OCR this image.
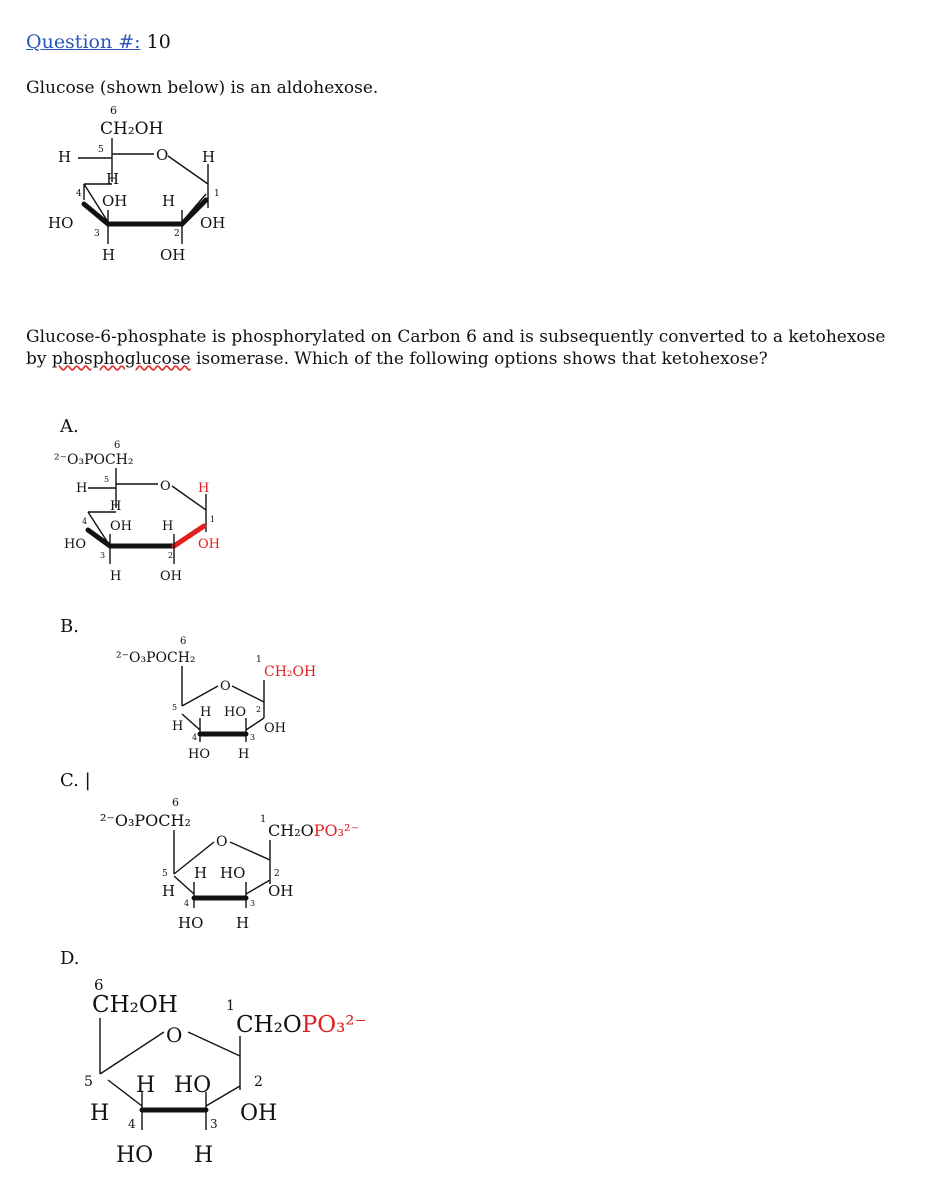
Question #: 10
Glucose (shown below) is an aldohexose.
6
CH₂OH
O
H	5
H
H
1
4 OH H
HO	OH
3	2
H	OH
Glucose-6-phosphate is phosphorylated on Carbon 6 and is subsequently converted to a ketohexose by phosphoglucose isomerase. Which of the following options shows that ketohexose?
A.
6
²⁻O₃POCH₂
O
H
5
H
H
1
4 OH H
HO	OH
3	2
H	OH
B.
6
²⁻O₃POCH₂
O
1
CH₂OH
5 H HO 2
H	OH
4	3
HO H
C. |
6
²⁻O₃POCH₂
O
1
CH₂OPO₃²⁻
5 H HO	2
H	OH
4	3
HO H
D.
6
CH₂OH
O
1
CH₂OPO₃²⁻
5 H HO	2
H	OH
4	3
HO H
